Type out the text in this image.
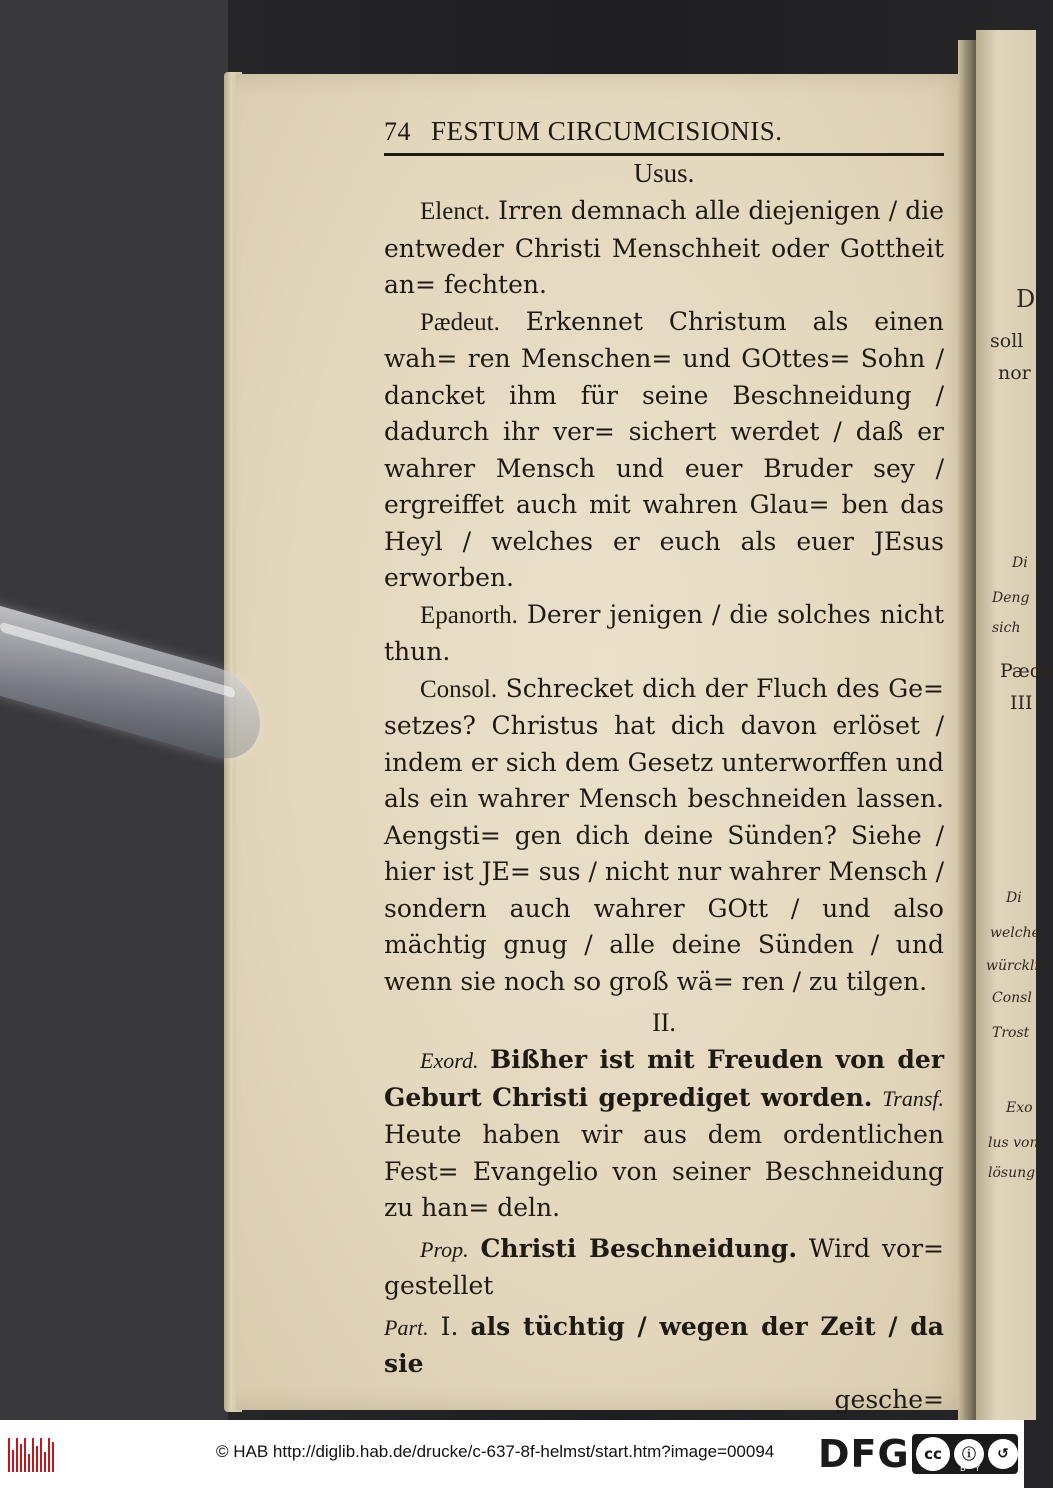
D
soll
nor
Di
Deng
sich
Pæde
III
Di
welche
würcklic
Consl
Trost
Exo
lus von
lösung
74 FESTUM CIRCUMCISIONIS.
Usus.

Elenct. Irren demnach alle diejenigen / die entweder Christi Menschheit oder Gottheit an= fechten.

Pædeut. Erkennet Christum als einen wah= ren Menschen= und GOttes= Sohn / dancket ihm für seine Beschneidung / dadurch ihr ver= sichert werdet / daß er wahrer Mensch und euer Bruder sey / ergreiffet auch mit wahren Glau= ben das Heyl / welches er euch als euer JEsus erworben.

Epanorth. Derer jenigen / die solches nicht thun.

Consol. Schrecket dich der Fluch des Ge= setzes? Christus hat dich davon erlöset / indem er sich dem Gesetz unterworffen und als ein wahrer Mensch beschneiden lassen. Aengsti= gen dich deine Sünden? Siehe / hier ist JE= sus / nicht nur wahrer Mensch / sondern auch wahrer GOtt / und also mächtig gnug / alle deine Sünden / und wenn sie noch so groß wä= ren / zu tilgen.

II.

Exord. Bißher ist mit Freuden von der Geburt Christi geprediget worden. Transf. Heute haben wir aus dem ordentlichen Fest= Evangelio von seiner Beschneidung zu han= deln.

Prop. Christi Beschneidung. Wird vor= gestellet

Part. I. als tüchtig / wegen der Zeit / da sie

gesche=
© HAB http://diglib.hab.de/drucke/c-637-8f-helmst/start.htm?image=00094 DFG cc	ⓘ	↺
BY SA
